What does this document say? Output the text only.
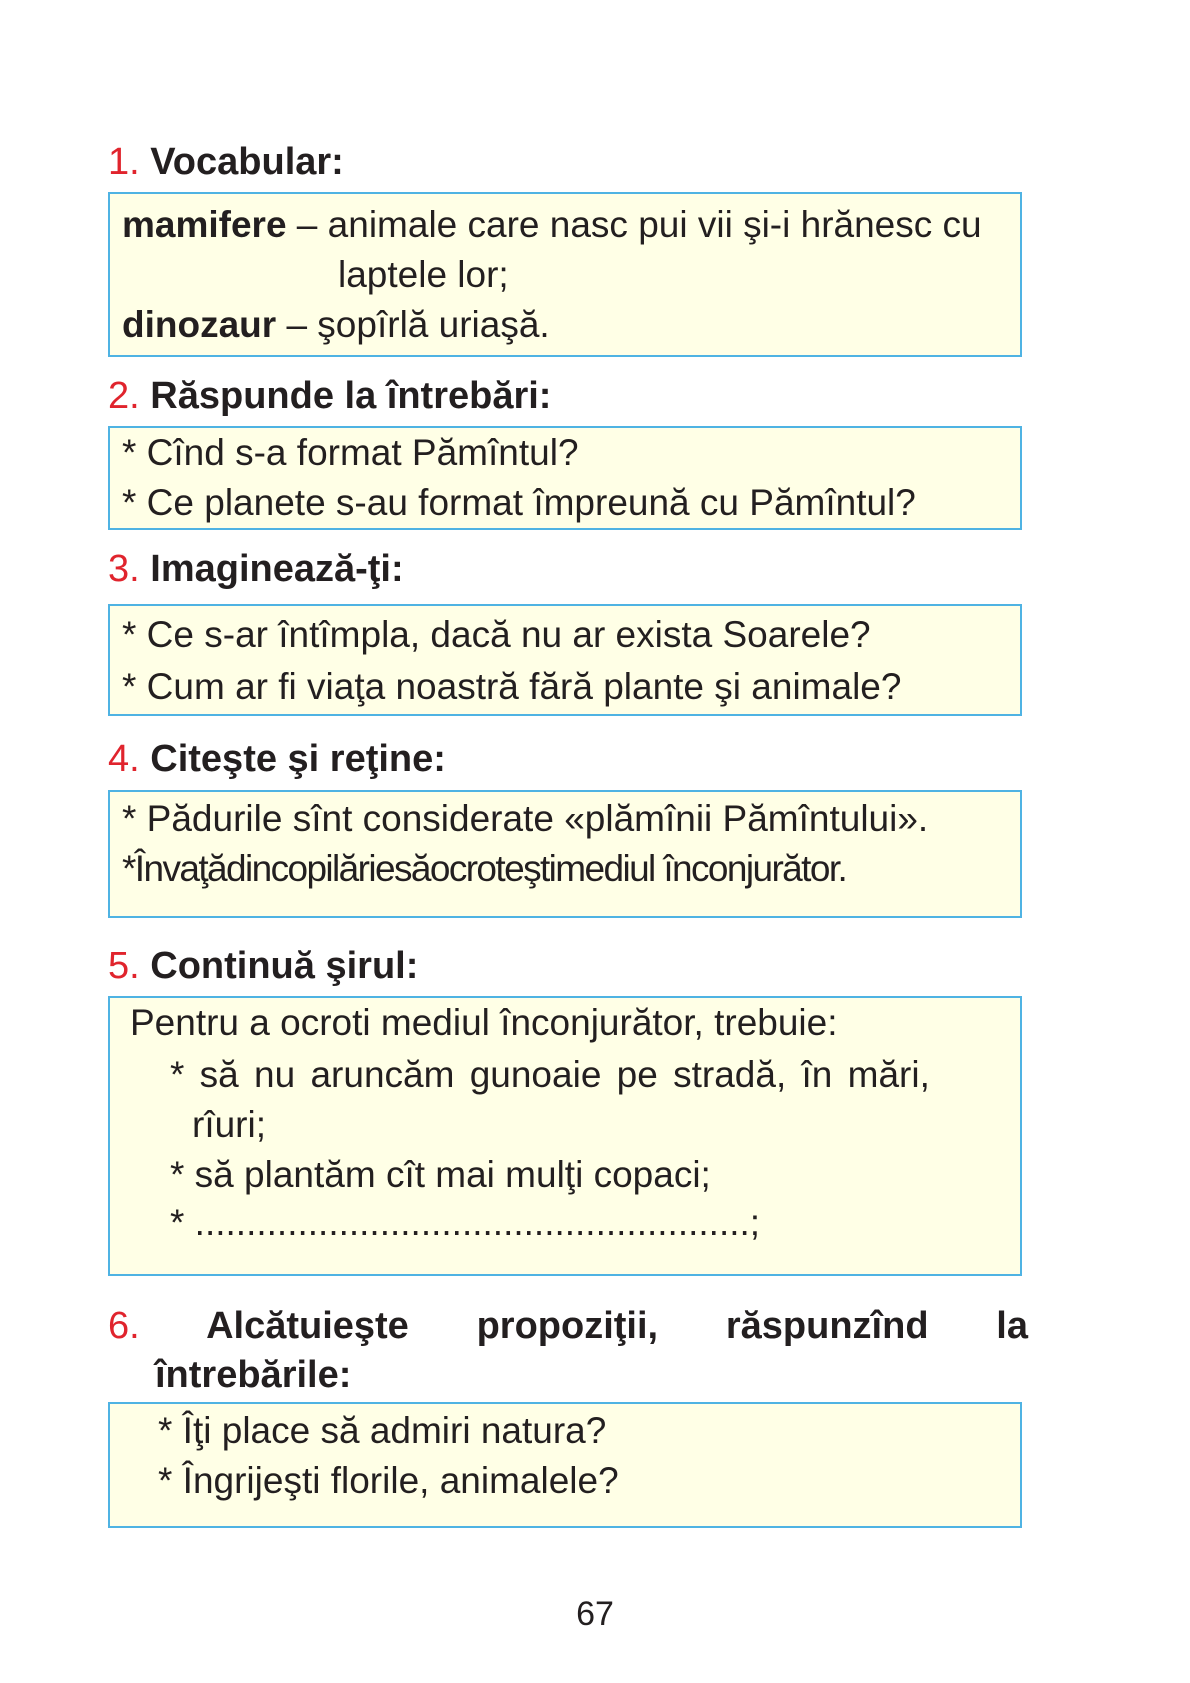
1. Vocabular:

mamifere – animale care nasc pui vii şi-i hrănesc cu

laptele lor;

dinozaur – şopîrlă uriaşă.

2. Răspunde la întrebări:

* Cînd s-a format Pămîntul?

* Ce planete s-au format împreună cu Pămîntul?

3. Imaginează-ţi:

* Ce s-ar întîmpla, dacă nu ar exista Soarele?

* Cum ar fi viaţa noastră fără plante şi animale?

4. Citeşte şi reţine:

* Pădurile sînt considerate «plămînii Pămîntului».

*Învaţădincopilăriesăocroteştimediul înconjurător.

5. Continuă şirul:

Pentru a ocroti mediul înconjurător, trebuie:

* să nu aruncăm gunoaie pe stradă, în mări,

rîuri;

* să plantăm cît mai mulţi copaci;

* ......................................................;

6. Alcătuieşte propoziţii, răspunzînd la

întrebările:

* Îţi place să admiri natura?

* Îngrijeşti florile, animalele?

67
